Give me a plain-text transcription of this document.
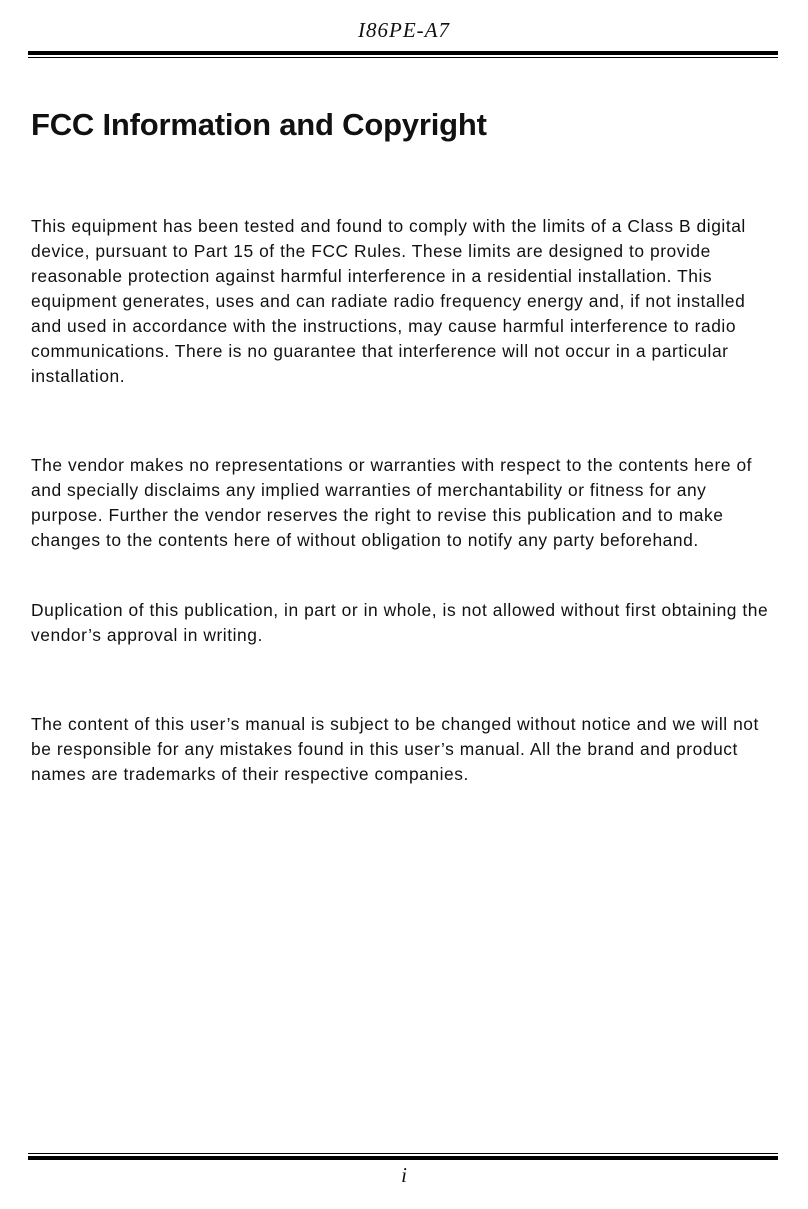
I86PE-A7
FCC Information and Copyright

This equipment has been tested and found to comply with the limits of a Class B digital device, pursuant to Part 15 of the FCC Rules. These limits are designed to provide reasonable protection against harmful interference in a residential installation. This equipment generates, uses and can radiate radio frequency energy and, if not installed and used in accordance with the instructions, may cause harmful interference to radio communications. There is no guarantee that interference will not occur in a particular installation.

The vendor makes no representations or warranties with respect to the contents here of and specially disclaims any implied warranties of merchantability or fitness for any purpose. Further the vendor reserves the right to revise this publication and to make changes to the contents here of without obligation to notify any party beforehand.

Duplication of this publication, in part or in whole, is not allowed without first obtaining the vendor’s approval in writing.

The content of this user’s manual is subject to be changed without notice and we will not be responsible for any mistakes found in this user’s manual. All the brand and product names are trademarks of their respective companies.

i
